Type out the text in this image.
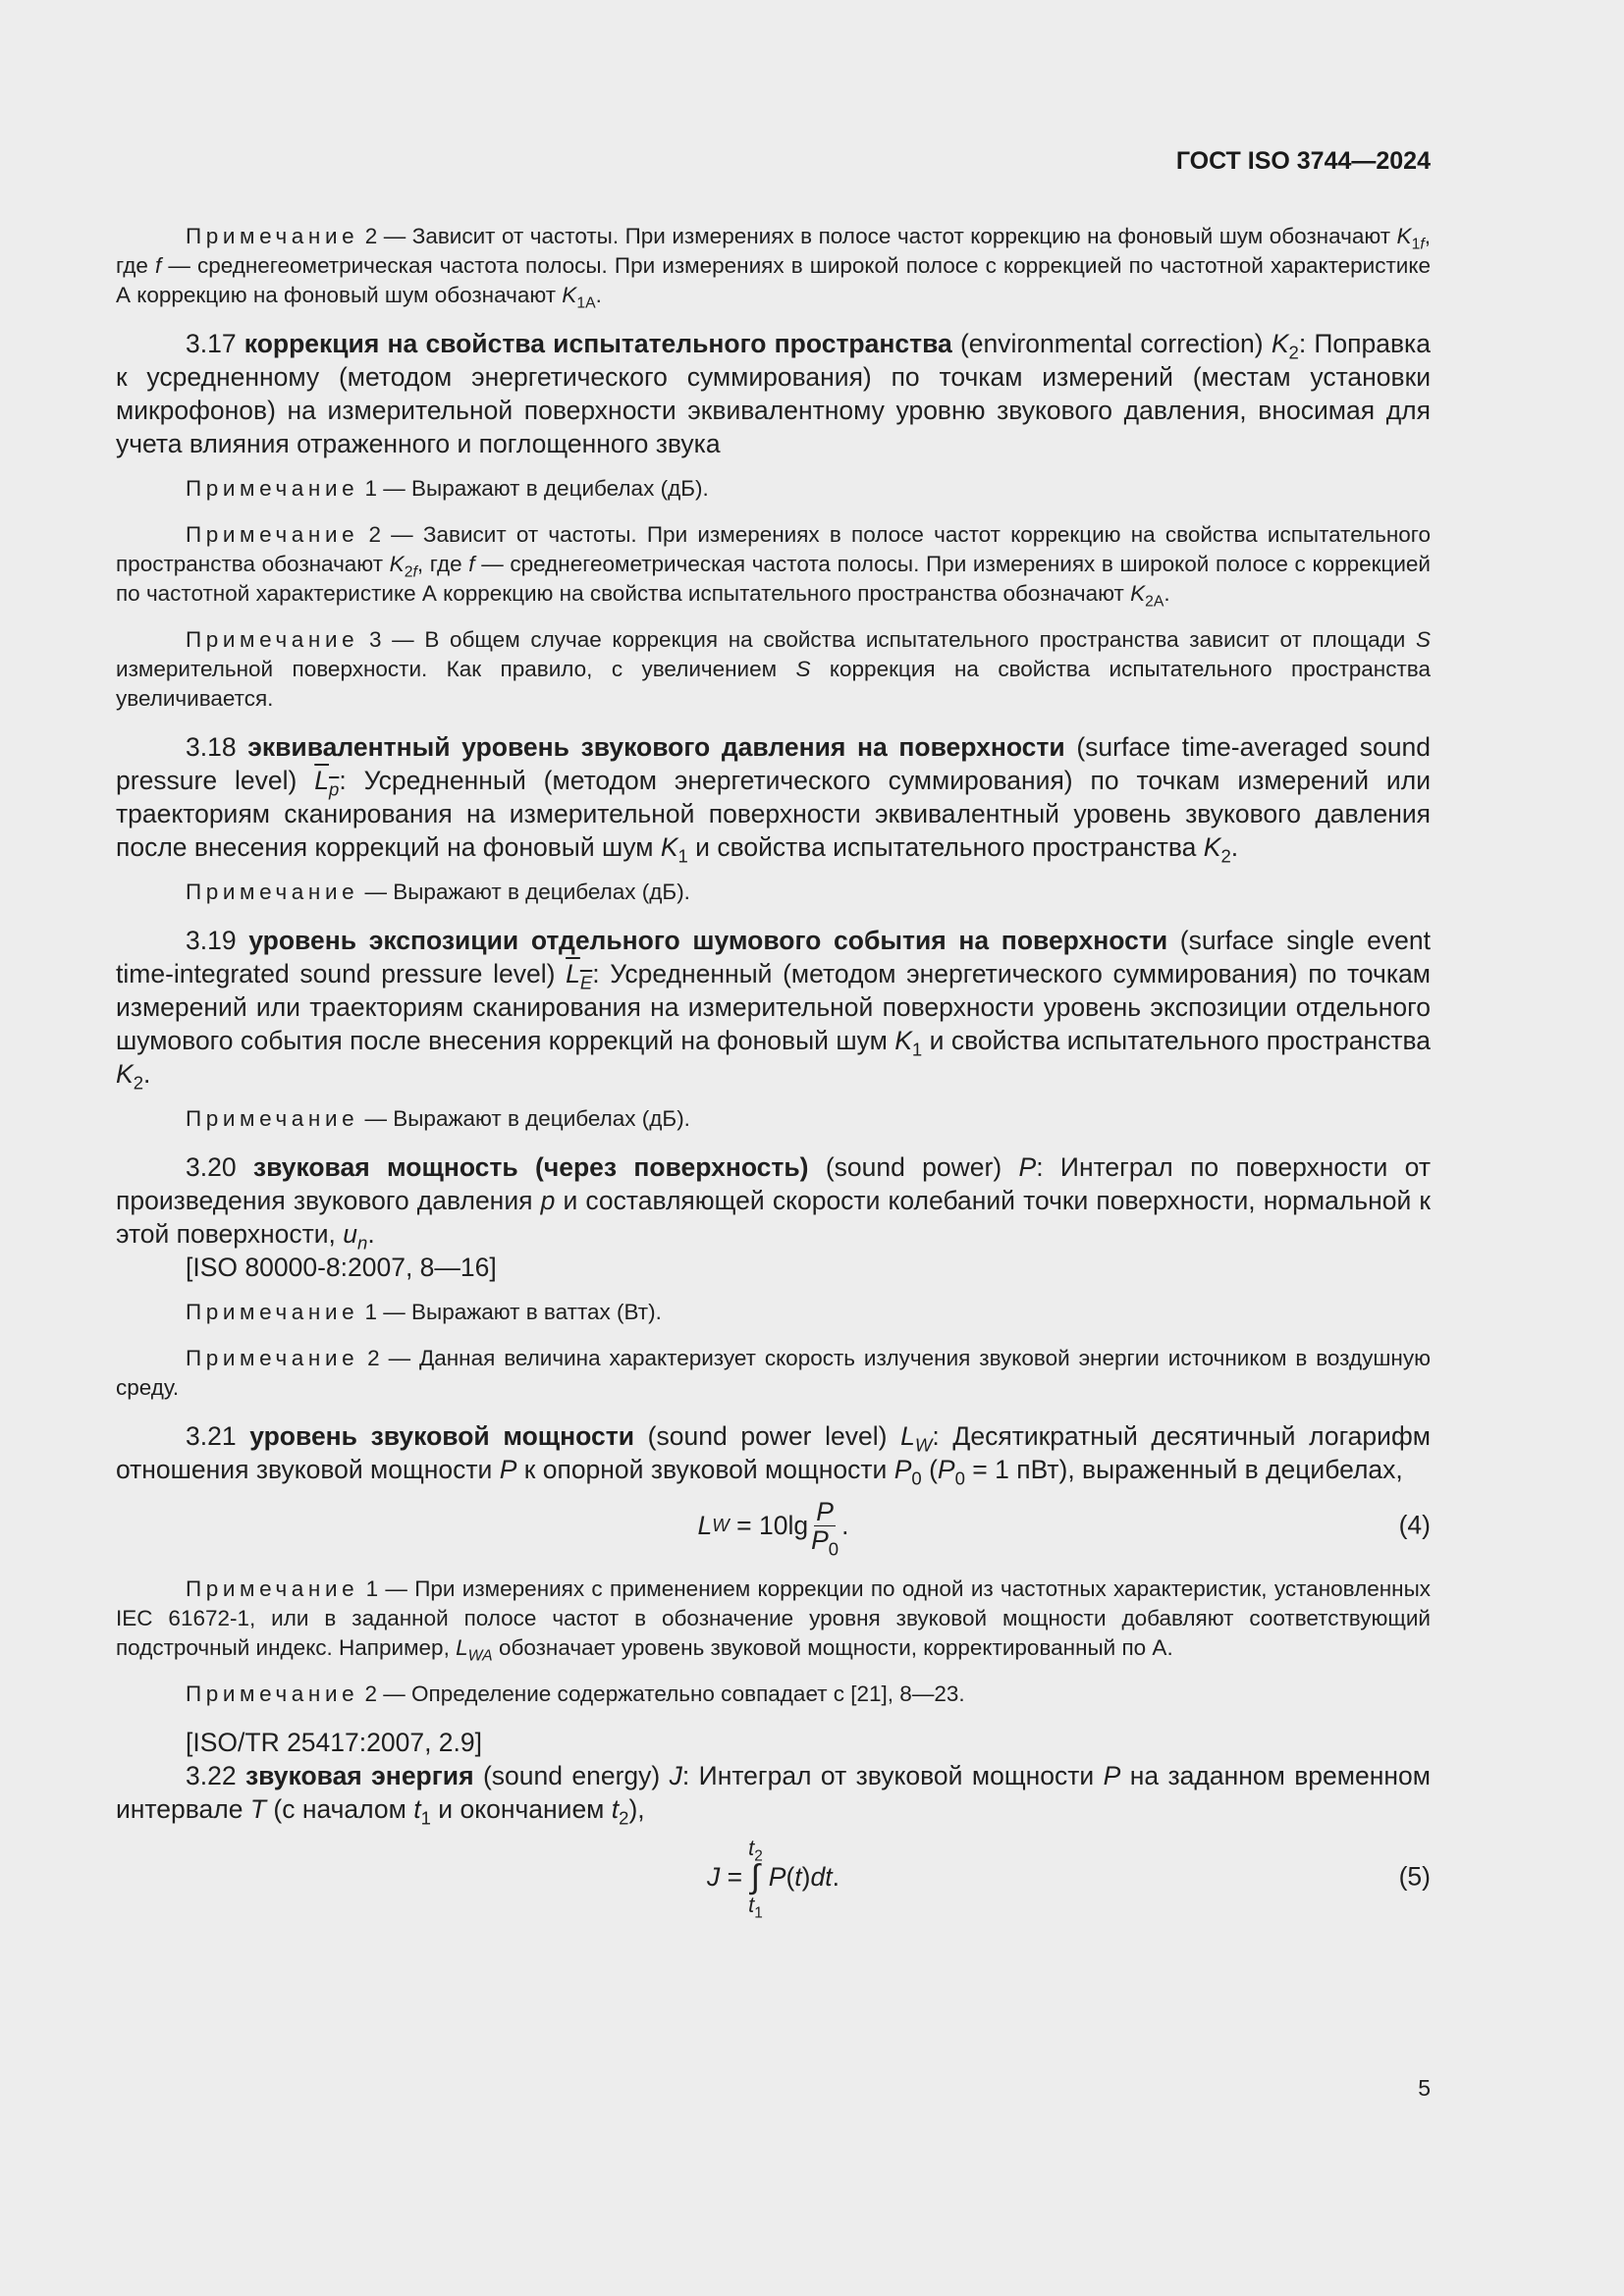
ГОСТ ISO 3744—2024

Примечание 2 — Зависит от частоты. При измерениях в полосе частот коррекцию на фоновый шум обозначают $K_{1f}$, где f — среднегеометрическая частота полосы. При измерениях в широкой полосе с коррекцией по частотной характеристике А коррекцию на фоновый шум обозначают $K_{1A}$.

3.17 коррекция на свойства испытательного пространства (environmental correction) $K_2$: Поправка к усредненному (методом энергетического суммирования) по точкам измерений (местам установки микрофонов) на измерительной поверхности эквивалентному уровню звукового давления, вносимая для учета влияния отраженного и поглощенного звука

Примечание 1 — Выражают в децибелах (дБ).

Примечание 2 — Зависит от частоты. При измерениях в полосе частот коррекцию на свойства испытательного пространства обозначают $K_{2f}$, где f — среднегеометрическая частота полосы. При измерениях в широкой полосе с коррекцией по частотной характеристике А коррекцию на свойства испытательного пространства обозначают $K_{2A}$.

Примечание 3 — В общем случае коррекция на свойства испытательного пространства зависит от площади S измерительной поверхности. Как правило, с увеличением S коррекция на свойства испытательного пространства увеличивается.

3.18 эквивалентный уровень звукового давления на поверхности (surface time-averaged sound pressure level) $L_p$: Усредненный (методом энергетического суммирования) по точкам измерений или траекториям сканирования на измерительной поверхности эквивалентный уровень звукового давления после внесения коррекций на фоновый шум $K_1$ и свойства испытательного пространства $K_2$.

Примечание — Выражают в децибелах (дБ).

3.19 уровень экспозиции отдельного шумового события на поверхности (surface single event time-integrated sound pressure level) $L_E$: Усредненный (методом энергетического суммирования) по точкам измерений или траекториям сканирования на измерительной поверхности уровень экспозиции отдельного шумового события после внесения коррекций на фоновый шум $K_1$ и свойства испытательного пространства $K_2$.

Примечание — Выражают в децибелах (дБ).

3.20 звуковая мощность (через поверхность) (sound power) P: Интеграл по поверхности от произведения звукового давления p и составляющей скорости колебаний точки поверхности, нормальной к этой поверхности, $u_n$.

[ISO 80000-8:2007, 8—16]

Примечание 1 — Выражают в ваттах (Вт).

Примечание 2 — Данная величина характеризует скорость излучения звуковой энергии источником в воздушную среду.

3.21 уровень звуковой мощности (sound power level) $L_W$: Десятикратный десятичный логарифм отношения звуковой мощности P к опорной звуковой мощности $P_0$ ($P_0 = 1$ пВт), выраженный в децибелах,

L $W = 10\lg \frac{P}{P_0}$ .	(4)

Примечание 1 — При измерениях с применением коррекции по одной из частотных характеристик, установленных IEC 61672-1, или в заданной полосе частот в обозначение уровня звуковой мощности добавляют соответствующий подстрочный индекс. Например, $L_{WA}$ обозначает уровень звуковой мощности, корректированный по А.

Примечание 2 — Определение содержательно совпадает с [21], 8—23.

[ISO/TR 25417:2007, 2.9]

3.22 звуковая энергия (sound energy) J: Интеграл от звуковой мощности P на заданном временном интервале T (с началом $t_1$ и окончанием $t_2$),

J =
$t_2$
∫
$t_1$
P ( t ) dt .	(5)
5
